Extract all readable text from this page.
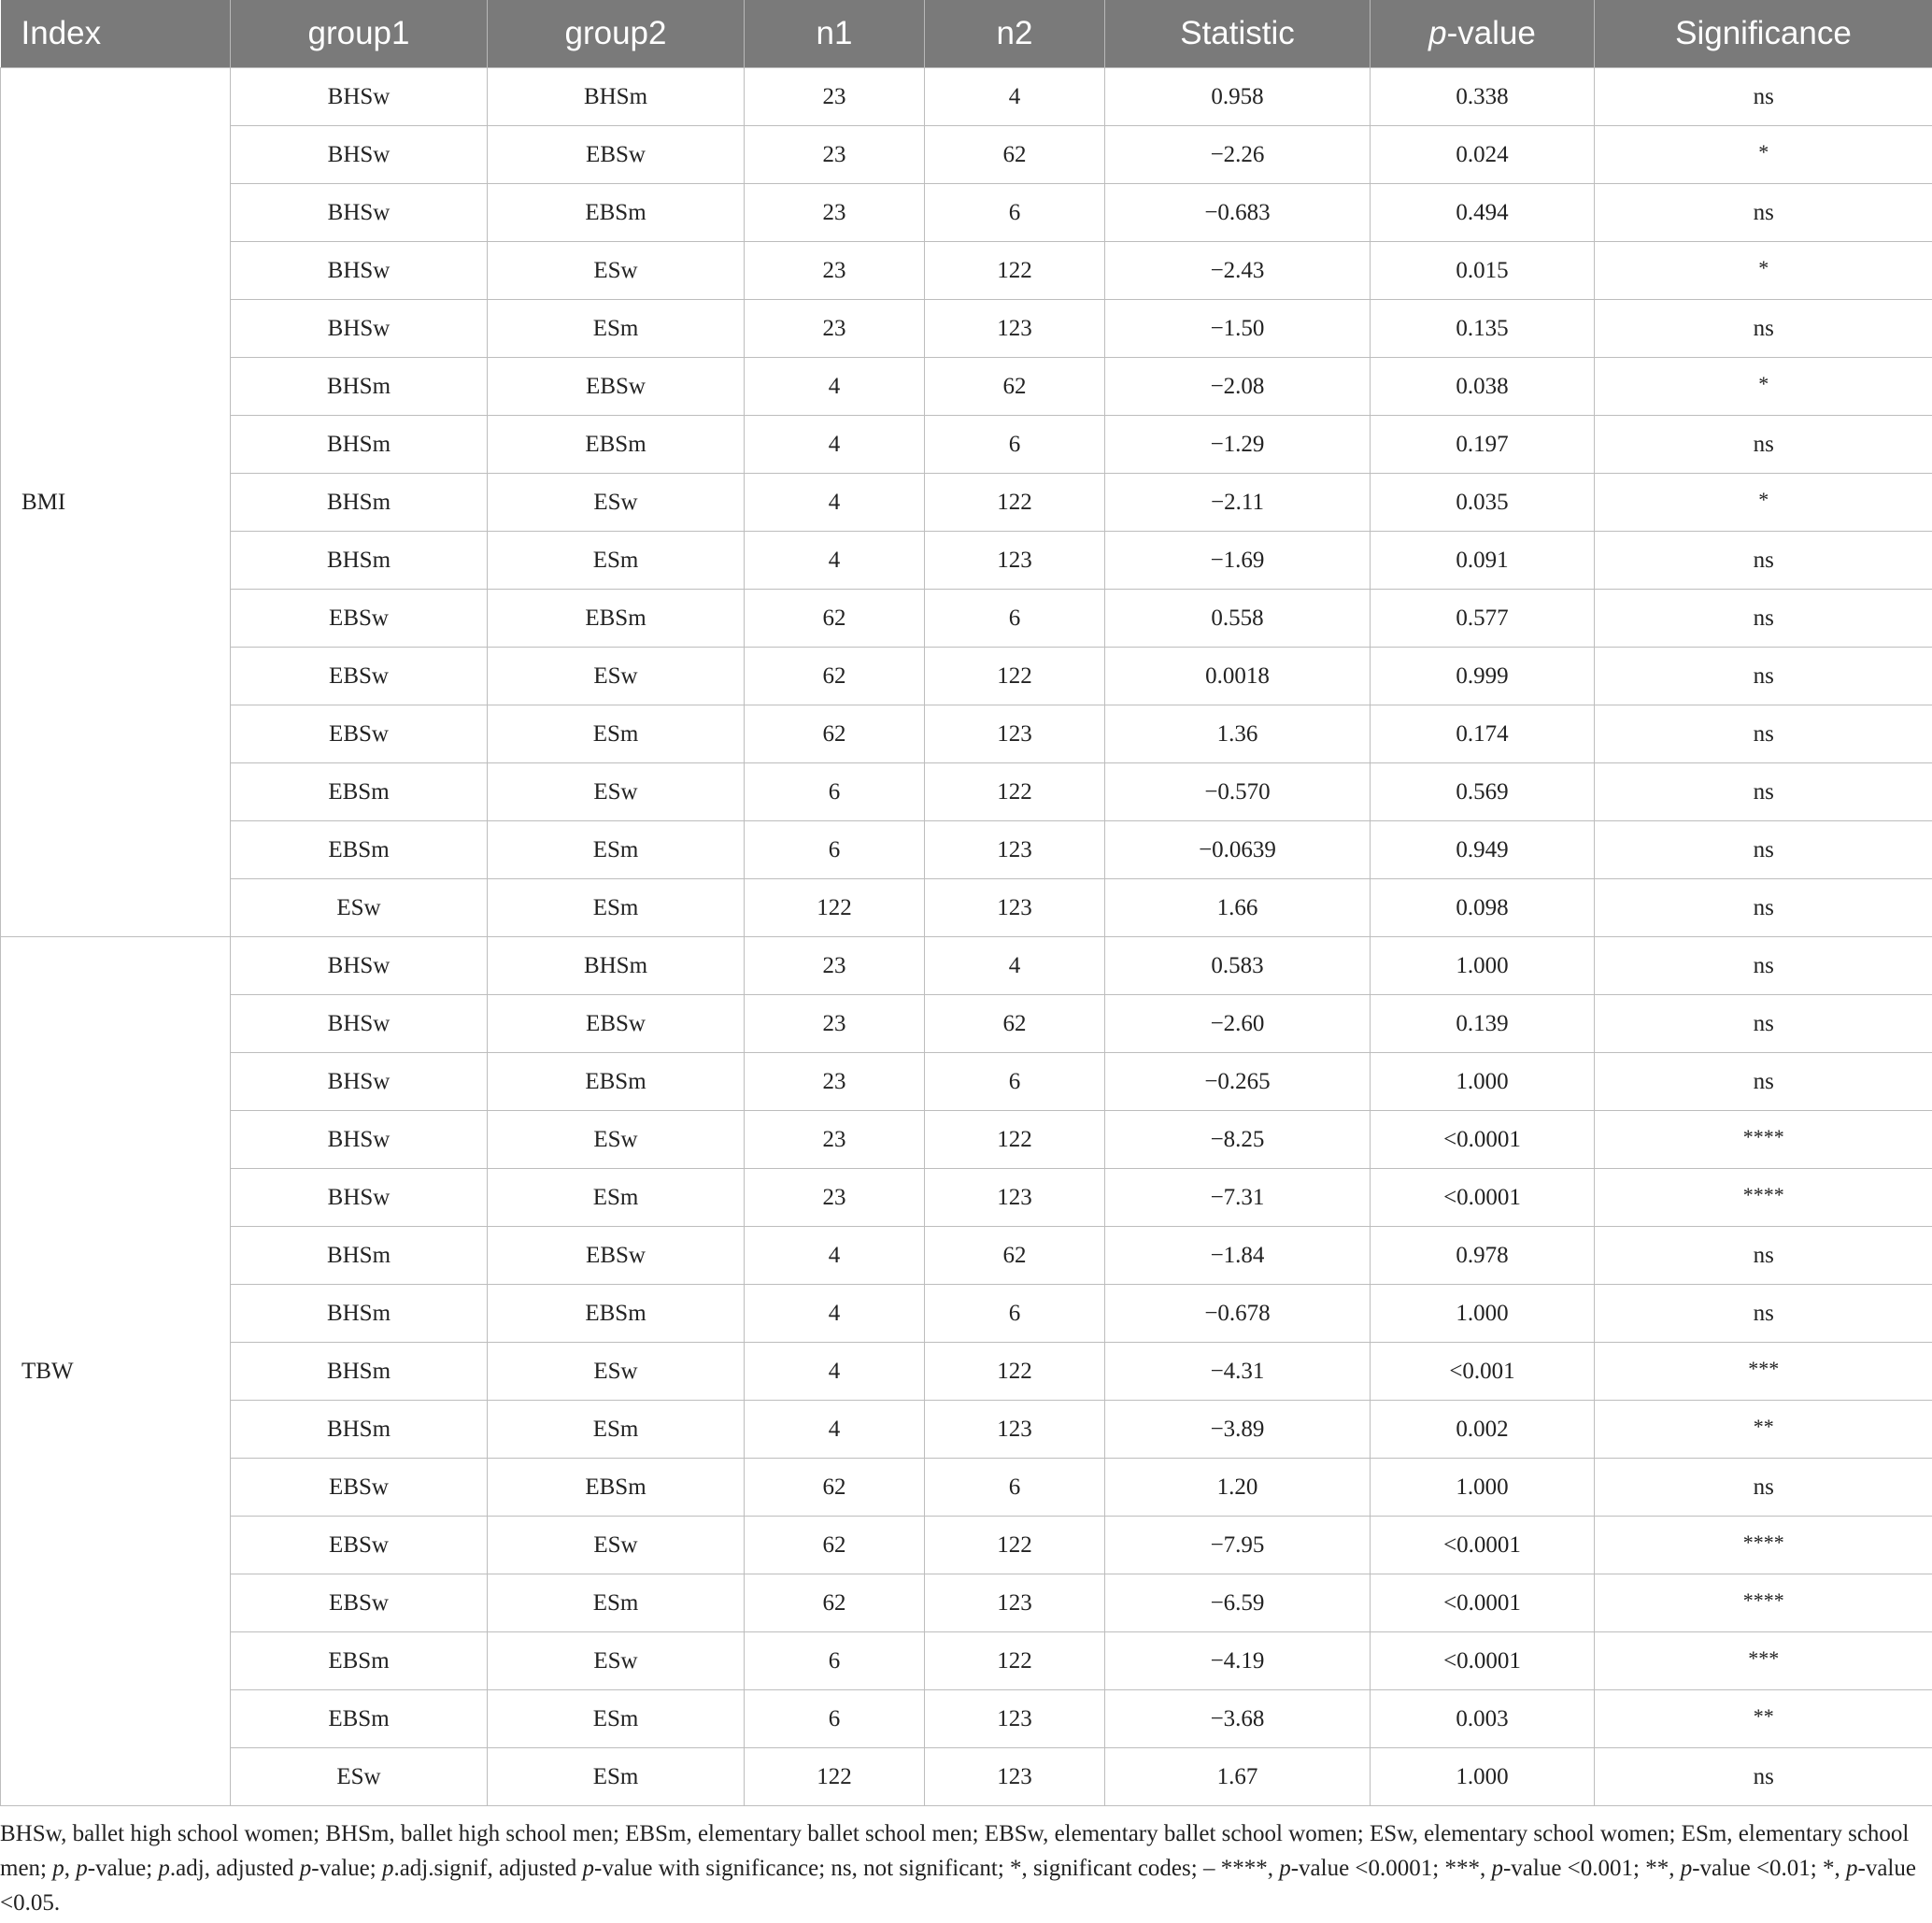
Index	group1	group2	n1	n2	Statistic	p-value	Significance
BMI	BHSw	BHSm	23	4	0.958	0.338	ns
	BHSw	EBSw	23	62	−2.26	0.024	*
	BHSw	EBSm	23	6	−0.683	0.494	ns
	BHSw	ESw	23	122	−2.43	0.015	*
	BHSw	ESm	23	123	−1.50	0.135	ns
	BHSm	EBSw	4	62	−2.08	0.038	*
	BHSm	EBSm	4	6	−1.29	0.197	ns
	BHSm	ESw	4	122	−2.11	0.035	*
	BHSm	ESm	4	123	−1.69	0.091	ns
	EBSw	EBSm	62	6	0.558	0.577	ns
	EBSw	ESw	62	122	0.0018	0.999	ns
	EBSw	ESm	62	123	1.36	0.174	ns
	EBSm	ESw	6	122	−0.570	0.569	ns
	EBSm	ESm	6	123	−0.0639	0.949	ns
	ESw	ESm	122	123	1.66	0.098	ns
TBW	BHSw	BHSm	23	4	0.583	1.000	ns
	BHSw	EBSw	23	62	−2.60	0.139	ns
	BHSw	EBSm	23	6	−0.265	1.000	ns
	BHSw	ESw	23	122	−8.25	<0.0001	****
	BHSw	ESm	23	123	−7.31	<0.0001	****
	BHSm	EBSw	4	62	−1.84	0.978	ns
	BHSm	EBSm	4	6	−0.678	1.000	ns
	BHSm	ESw	4	122	−4.31	<0.001	***
	BHSm	ESm	4	123	−3.89	0.002	**
	EBSw	EBSm	62	6	1.20	1.000	ns
	EBSw	ESw	62	122	−7.95	<0.0001	****
	EBSw	ESm	62	123	−6.59	<0.0001	****
	EBSm	ESw	6	122	−4.19	<0.0001	***
	EBSm	ESm	6	123	−3.68	0.003	**
	ESw	ESm	122	123	1.67	1.000	ns
BHSw, ballet high school women; BHSm, ballet high school men; EBSm, elementary ballet school men; EBSw, elementary ballet school women; ESw, elementary school women; ESm, elementary school men; p, p-value; p.adj, adjusted p-value; p.adj.signif, adjusted p-value with significance; ns, not significant; *, significant codes; – ****, p-value <0.0001; ***, p-value <0.001; **, p-value <0.01; *, p-value <0.05.
